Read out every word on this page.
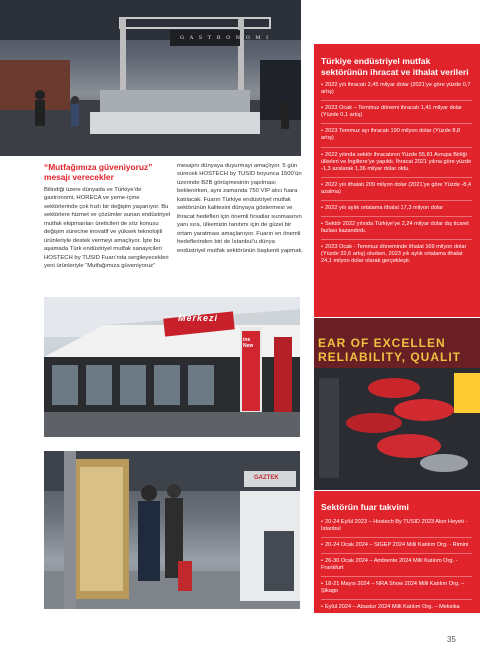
G A S T R O N O M I

Türkiye endüstriyel mutfak sektörünün ihracat ve ithalat verileri

• 2022 yılı ihracatı 2,45 milyar dolar (2021’ye göre yüzde 0,7 artış)
• 2023 Ocak – Temmuz dönemi ihracatı 1,41 milyar dolar (Yüzde 0,1 artış)
• 2023 Temmuz ayı ihracatı 190 milyon dolar (Yüzde 8,8 artış)
• 2022 yılında sektör ihracatının Yüzde 55,81 Avrupa Birliği ülkeleri ve İngiltere’ye yapıldı. İhracat 2021 yılına göre yüzde -1,3 azalarak 1,36 milyar dolar oldu.
• 2022 yılı ithalatı 209 milyon dolar (2021’ye göre Yüzde -8,4 azalma)
• 2022 yılı aylık ortalama ithalat 17,3 milyon dolar
• Sektör 2022 yılında Türkiye’ye 2,24 milyar dolar dış ticaret fazlası kazandırdı.
• 2023 Ocak - Temmuz döneminde ithalat 169 milyon dolar (Yüzde 32,6 artış) olurken, 2023 yılı aylık ortalama ithalat 24,1 milyon dolar olarak gerçekleşti.
“Mutfağımıza güveniyoruz” mesajı verecekler
Bilindiği üzere dünyada ve Türkiye’de gastronomi, HORECA ve yeme-içme sektörlerinde çok hızlı bir değişim yaşanıyor. Bu sektörlere hizmet ve çözümler sunan endüstriyel mutfak ekipmanları üreticileri de söz konusu değişim sürecine inovatif ve yüksek teknolojili ürünleriyle destek vermeyi amaçlıyor. İşte bu aşamada Türk endüstriyel mutfak sanayicileri HOSTECH by TUSID Fuarı’nda sergileyecekleri yeni ürünleriyle “Mutfağımıza güveniyoruz”
mesajını dünyaya duyurmayı amaçlıyor. 5 gün sürecek HOSTECH by TUSID boyunca 1500’ün üzerinde B2B görüşmesinin yapılması beklenirken, aynı zamanda 750 VIP alıcı fuara katılacak. Fuarın Türkiye endüstriyel mutfak sektörünün kalitesini dünyaya göstermesi ve ihracat hedefleri için önemli fırsatlar sunmasının yanı sıra, ülkemizin tanıtımı için de güzel bir ortam yaratması amaçlanıyor. Fuarın en önemli hedeflerinden biri de İstanbul’u dünya endüstriyel mutfak sektörünün başkenti yapmak.
Merkezi
ine
New	EAR OF EXCELLEN
RELIABILITY, QUALIT
GAZTEK

Sektörün fuar takvimi

• 20-24 Eylül 2023 – Hostech By TUSID 2023 Akın Heyeti - İstanbul
• 20-24 Ocak 2024 – SIGEP 2024 Milli Katılım Org. - Rimini
• 26-30 Ocak 2024 – Ambiente 2024 Milli Katılım Org. - Frankfurt
• 18-21 Mayıs 2024 – NRA Show 2024 Milli Katılım Org. – Şikago
• Eylül 2024 – Abastur 2024 Milli Katılım Org. – Meksika
35
